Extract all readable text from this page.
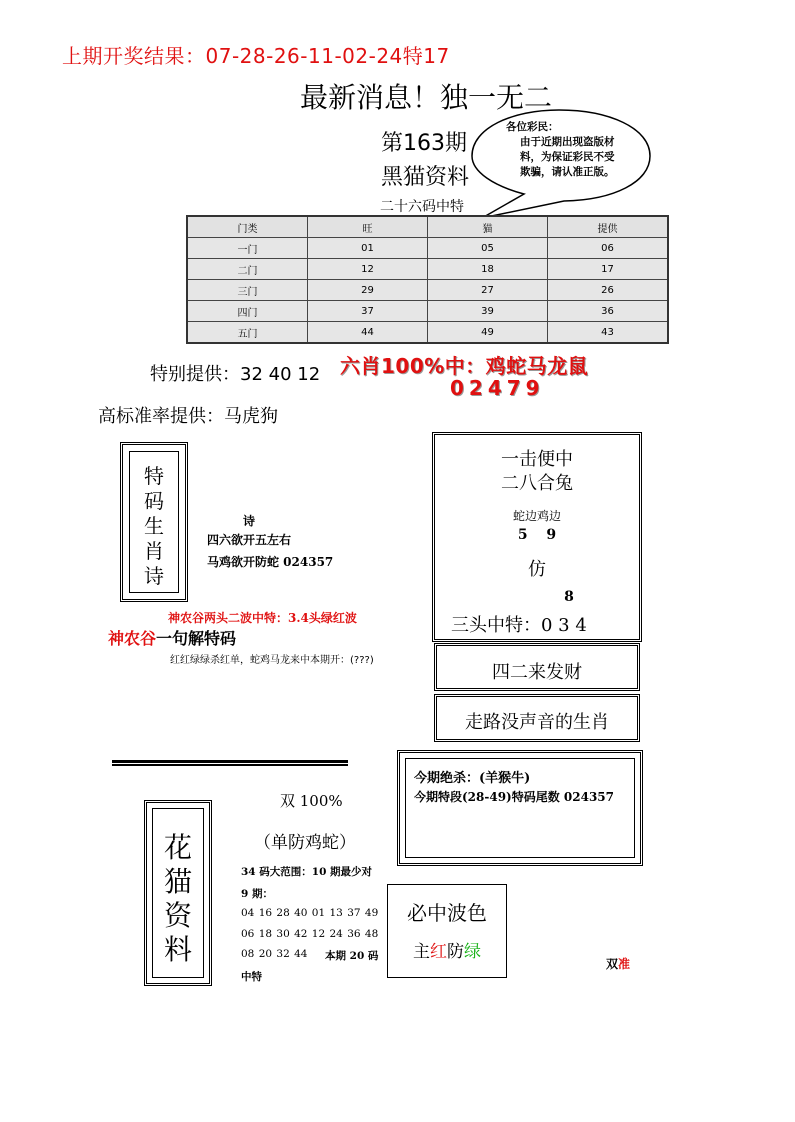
上期开奖结果：07-28-26-11-02-24特17
最新消息！独一无二
第163期
黑猫资料
二十六码中特
各位彩民：
由于近期出现盗版材料，为保证彩民不受欺骗，请认准正版。
门类	旺	猫	提供
一门	01	05	06
二门	12	18	17
三门	29	27	26
四门	37	39	36
五门	44	49	43
特别提供：32 40 12 六肖100%中：鸡蛇马龙鼠
02479
高标准率提供：马虎狗
特
码
生
肖
诗
诗
四六欲开五左右
马鸡欲开防蛇 024357
神农谷两头二波中特：3.4头绿红波
神农谷一句解特码
红红绿绿杀红单，蛇鸡马龙来中本期开：(???)
一击便中
二八合兔
蛇边鸡边
5 9
仿
8
三头中特：0 3 4
四二来发财
走路没声音的生肖
今期绝杀：(羊猴牛)
今期特段(28-49)特码尾数 024357
花
猫
资
料
双 100%
（单防鸡蛇）
34 码大范围：10 期最少对
9 期：
04 16 28 40 01 13 37 49
06 18 30 42 12 24 36 48
08 20 32 44 本期 20 码
中特
必中波色
主红防绿
双准
